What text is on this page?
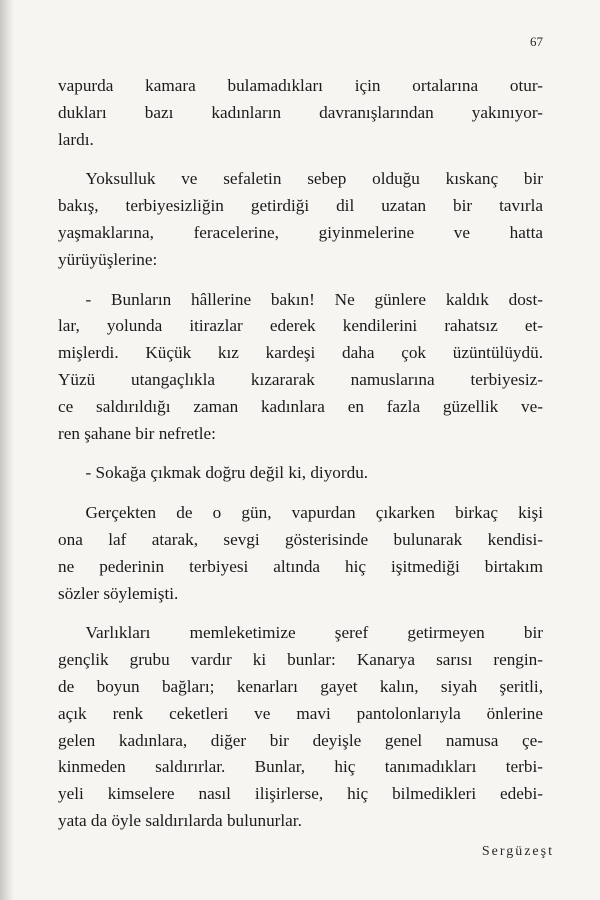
67
vapurda kamara bulamadıkları için ortalarına otur-
dukları bazı kadınların davranışlarından yakınıyor-
lardı.
Yoksulluk ve sefaletin sebep olduğu kıskanç bir
bakış, terbiyesizliğin getirdiği dil uzatan bir tavırla
yaşmaklarına, feracelerine, giyinmelerine ve hatta
yürüyüşlerine:
- Bunların hâllerine bakın! Ne günlere kaldık dost-
lar, yolunda itirazlar ederek kendilerini rahatsız et-
mişlerdi. Küçük kız kardeşi daha çok üzüntülüydü.
Yüzü utangaçlıkla kızararak namuslarına terbiyesiz-
ce saldırıldığı zaman kadınlara en fazla güzellik ve-
ren şahane bir nefretle:
- Sokağa çıkmak doğru değil ki, diyordu.
Gerçekten de o gün, vapurdan çıkarken birkaç kişi
ona laf atarak, sevgi gösterisinde bulunarak kendisi-
ne pederinin terbiyesi altında hiç işitmediği birtakım
sözler söylemişti.
Varlıkları memleketimize şeref getirmeyen bir
gençlik grubu vardır ki bunlar: Kanarya sarısı rengin-
de boyun bağları; kenarları gayet kalın, siyah şeritli,
açık renk ceketleri ve mavi pantolonlarıyla önlerine
gelen kadınlara, diğer bir deyişle genel namusa çe-
kinmeden saldırırlar. Bunlar, hiç tanımadıkları terbi-
yeli kimselere nasıl ilişirlerse, hiç bilmedikleri edebi-
yata da öyle saldırılarda bulunurlar.
Sergüzeşt
